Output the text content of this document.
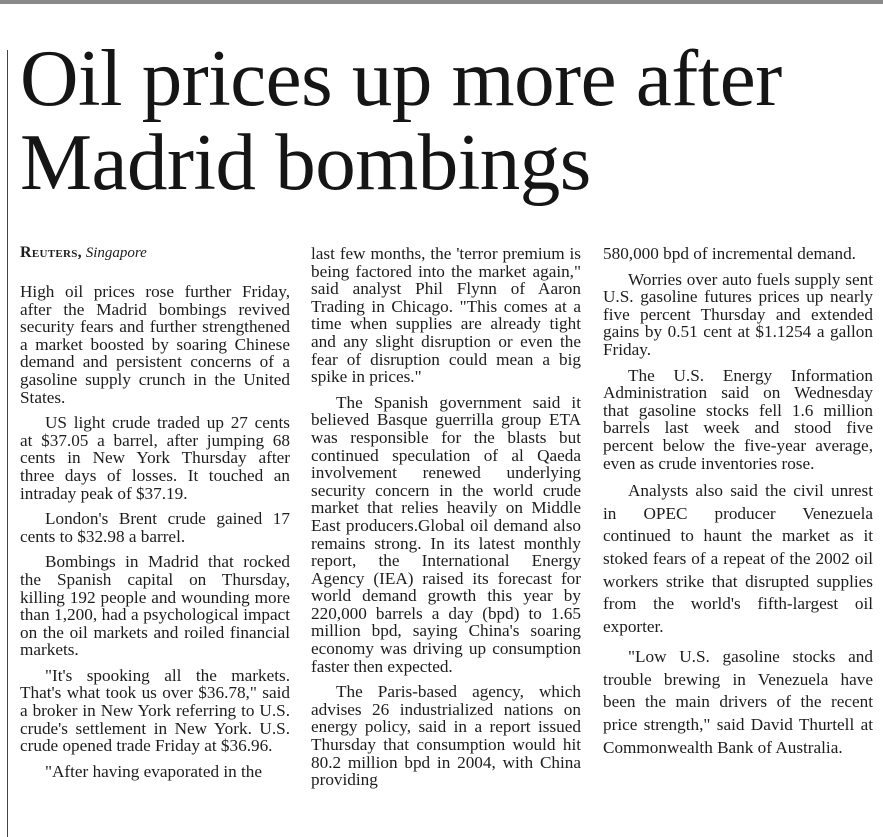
Oil prices up more after Madrid bombings

Reuters, Singapore

High oil prices rose further Friday, after the Madrid bombings revived security fears and further strengthened a market boosted by soaring Chinese demand and persistent concerns of a gasoline supply crunch in the United States.

US light crude traded up 27 cents at $37.05 a barrel, after jumping 68 cents in New York Thursday after three days of losses. It touched an intraday peak of $37.19.

London's Brent crude gained 17 cents to $32.98 a barrel.

Bombings in Madrid that rocked the Spanish capital on Thursday, killing 192 people and wounding more than 1,200, had a psychological impact on the oil markets and roiled financial markets.

"It's spooking all the markets. That's what took us over $36.78," said a broker in New York referring to U.S. crude's settlement in New York. U.S. crude opened trade Friday at $36.96.

"After having evaporated in the

last few months, the 'terror premium is being factored into the market again," said analyst Phil Flynn of Aaron Trading in Chicago. "This comes at a time when supplies are already tight and any slight disruption or even the fear of disruption could mean a big spike in prices."

The Spanish government said it believed Basque guerrilla group ETA was responsible for the blasts but continued speculation of al Qaeda involvement renewed underlying security concern in the world crude market that relies heavily on Middle East producers.Global oil demand also remains strong. In its latest monthly report, the International Energy Agency (IEA) raised its forecast for world demand growth this year by 220,000 barrels a day (bpd) to 1.65 million bpd, saying China's soaring economy was driving up consumption faster then expected.

The Paris-based agency, which advises 26 industrialized nations on energy policy, said in a report issued Thursday that consumption would hit 80.2 million bpd in 2004, with China providing

580,000 bpd of incremental demand.

Worries over auto fuels supply sent U.S. gasoline futures prices up nearly five percent Thursday and extended gains by 0.51 cent at $1.1254 a gallon Friday.

The U.S. Energy Information Administration said on Wednesday that gasoline stocks fell 1.6 million barrels last week and stood five percent below the five-year average, even as crude inventories rose.

Analysts also said the civil unrest in OPEC producer Venezuela continued to haunt the market as it stoked fears of a repeat of the 2002 oil workers strike that disrupted supplies from the world's fifth-largest oil exporter.

"Low U.S. gasoline stocks and trouble brewing in Venezuela have been the main drivers of the recent price strength," said David Thurtell at Commonwealth Bank of Australia.
